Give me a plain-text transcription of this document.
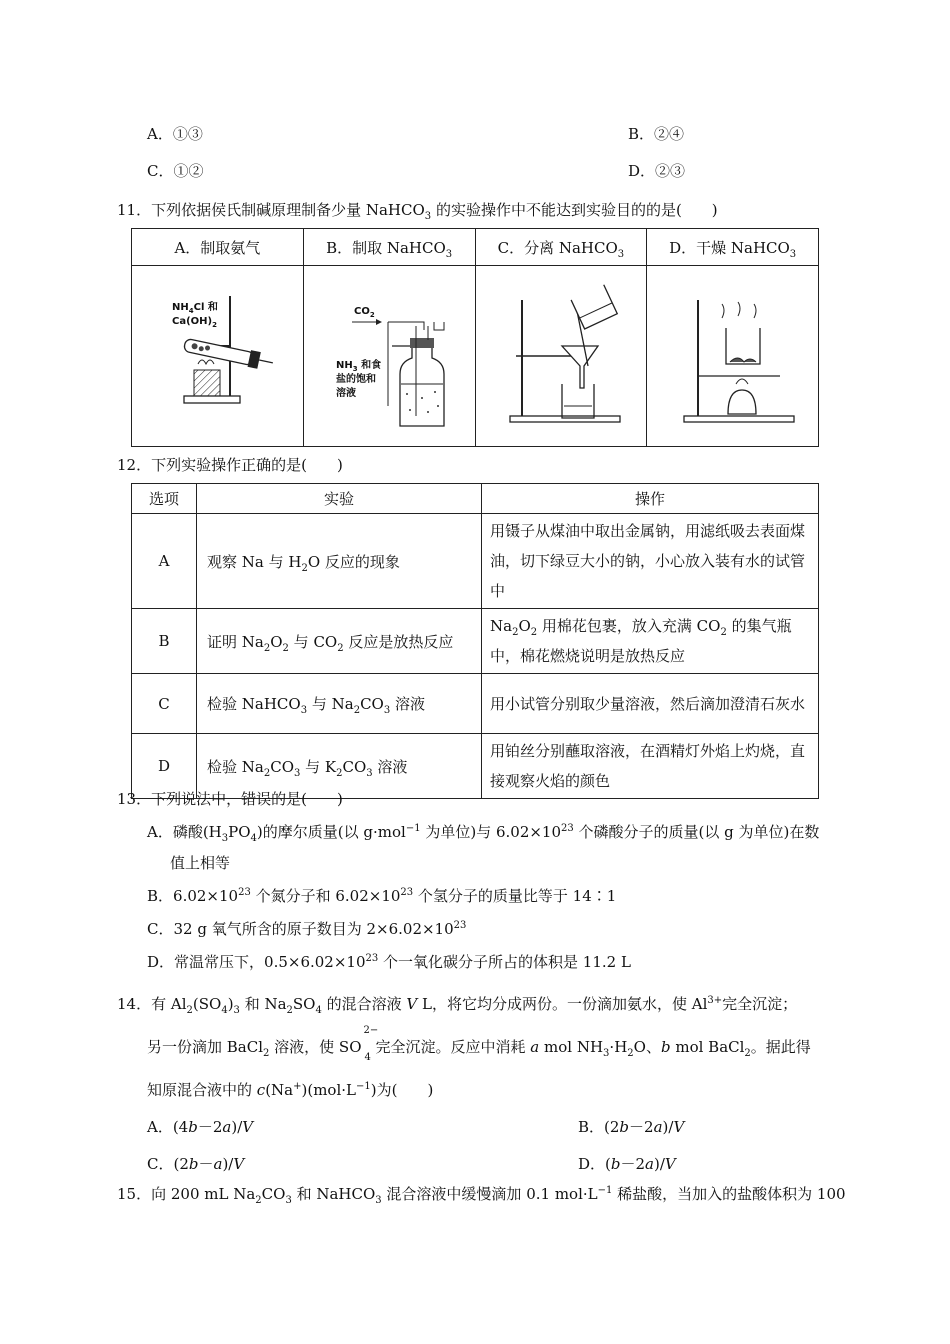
A．①③	B．②④
C．①②	D．②③
11．下列依据侯氏制碱原理制备少量 NaHCO$_3$ 的实验操作中不能达到实验目的的是(　　)
A．制取氨气	B．制取 NaHCO$_3$	C．分离 NaHCO$_3$	D．干燥 NaHCO$_3$

$NH_4Cl$ 和
$Ca(OH)_2$	$CO_2$
$NH_3$ 和食
盐的饱和
溶液

12．下列实验操作正确的是(　　)
选项	实验	操作
A	观察 Na 与 $H_2O$ 反应的现象	用镊子从煤油中取出金属钠，用滤纸吸去表面煤油，切下绿豆大小的钠，小心放入装有水的试管中
B	证明 $Na_2O_2$ 与 $CO_2$ 反应是放热反应	$Na_2O_2$ 用棉花包裹，放入充满 $CO_2$ 的集气瓶中，棉花燃烧说明是放热反应
C	检验 NaHCO$_3$ 与 $Na_2CO_3$ 溶液	用小试管分别取少量溶液，然后滴加澄清石灰水
D	检验 $Na_2CO_3$ 与 $K_2CO_3$ 溶液	用铂丝分别蘸取溶液，在酒精灯外焰上灼烧，直接观察火焰的颜色
13．下列说法中，错误的是(　　)
A．磷酸$(H_3PO_4)$的摩尔质量(以 g·mol$^{-1}$ 为单位)与 $6.02\times 10^{23}$ 个磷酸分子的质量(以 g 为单位)在数
值上相等
B．$6.02\times 10^{23}$ 个氮分子和 $6.02\times 10^{23}$ 个氢分子的质量比等于 14∶1
C．32 g 氧气所含的原子数目为 $2\times 6.02\times 10^{23}$
D．常温常压下，$0.5\times 6.02\times 10^{23}$ 个一氧化碳分子所占的体积是 11.2 L
14．有 $Al_2(SO_4)_3$ 和 $Na_2SO_4$ 的混合溶液 V L，将它均分成两份。一份滴加氨水，使 $Al^{3+}$完全沉淀；
另一份滴加 BaCl$_2$ 溶液，使 SO
2−
4
完全沉淀。反应中消耗 a mol $NH_3\cdot H_2O$、b mol BaCl$_2$。据此得
知原混合液中的 $c(Na^+)(mol\cdot L^{-1})$为(　　)
A．(4b－2a)/V	B．(2b－2a)/V
C．(2b－a)/V	D．(b－2a)/V
15．向 200 mL $Na_2CO_3$ 和 NaHCO$_3$ 混合溶液中缓慢滴加 0.1 $mol\cdot L^{-1}$ 稀盐酸，当加入的盐酸体积为 100
